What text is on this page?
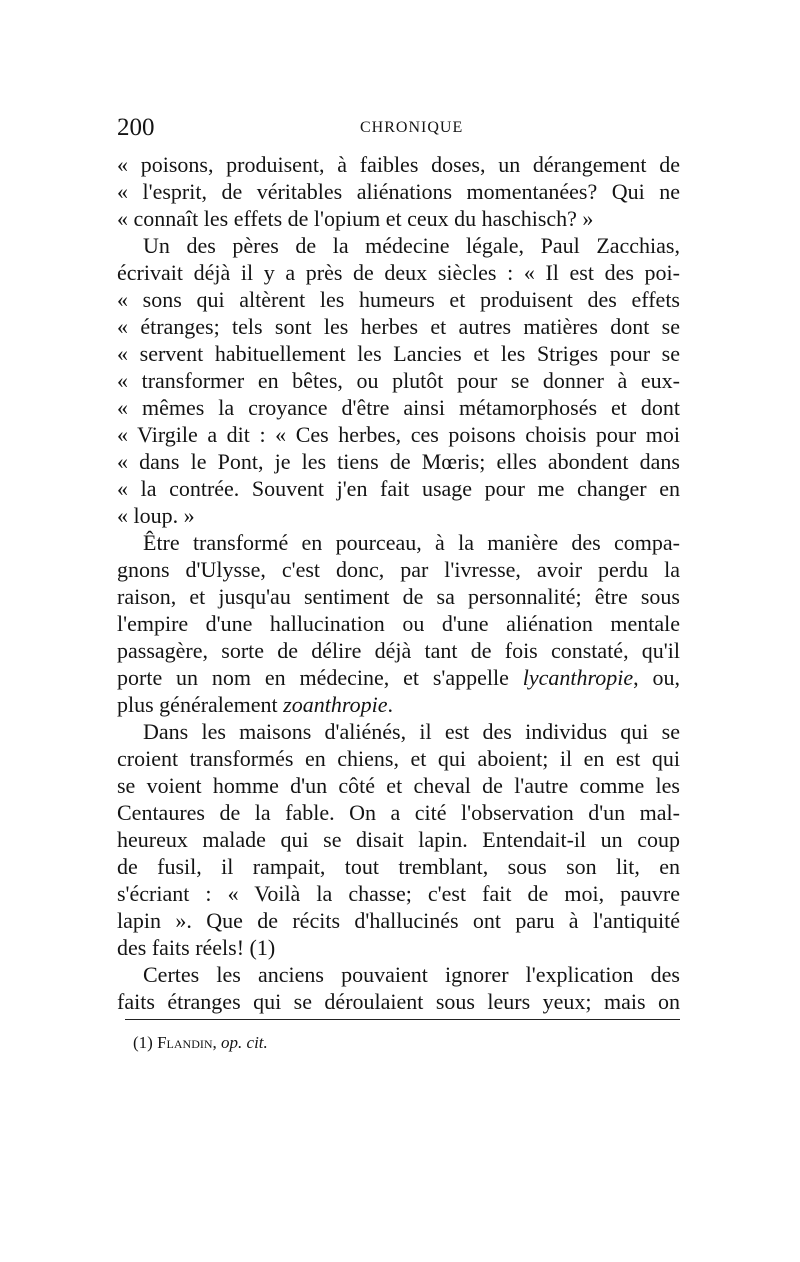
200	CHRONIQUE
« poisons, produisent, à faibles doses, un dérangement de
« l'esprit, de véritables aliénations momentanées? Qui ne
« connaît les effets de l'opium et ceux du haschisch? »
Un des pères de la médecine légale, Paul Zacchias,
écrivait déjà il y a près de deux siècles : « Il est des poi-
« sons qui altèrent les humeurs et produisent des effets
« étranges; tels sont les herbes et autres matières dont se
« servent habituellement les Lancies et les Striges pour se
« transformer en bêtes, ou plutôt pour se donner à eux-
« mêmes la croyance d'être ainsi métamorphosés et dont
« Virgile a dit : « Ces herbes, ces poisons choisis pour moi
« dans le Pont, je les tiens de Mœris; elles abondent dans
« la contrée. Souvent j'en fait usage pour me changer en
« loup. »
Être transformé en pourceau, à la manière des compa-
gnons d'Ulysse, c'est donc, par l'ivresse, avoir perdu la
raison, et jusqu'au sentiment de sa personnalité; être sous
l'empire d'une hallucination ou d'une aliénation mentale
passagère, sorte de délire déjà tant de fois constaté, qu'il
porte un nom en médecine, et s'appelle lycanthropie, ou,
plus généralement zoanthropie.
Dans les maisons d'aliénés, il est des individus qui se
croient transformés en chiens, et qui aboient; il en est qui
se voient homme d'un côté et cheval de l'autre comme les
Centaures de la fable. On a cité l'observation d'un mal-
heureux malade qui se disait lapin. Entendait-il un coup
de fusil, il rampait, tout tremblant, sous son lit, en
s'écriant : « Voilà la chasse; c'est fait de moi, pauvre
lapin ». Que de récits d'hallucinés ont paru à l'antiquité
des faits réels! (1)
Certes les anciens pouvaient ignorer l'explication des
faits étranges qui se déroulaient sous leurs yeux; mais on
(1) Flandin, op. cit.
